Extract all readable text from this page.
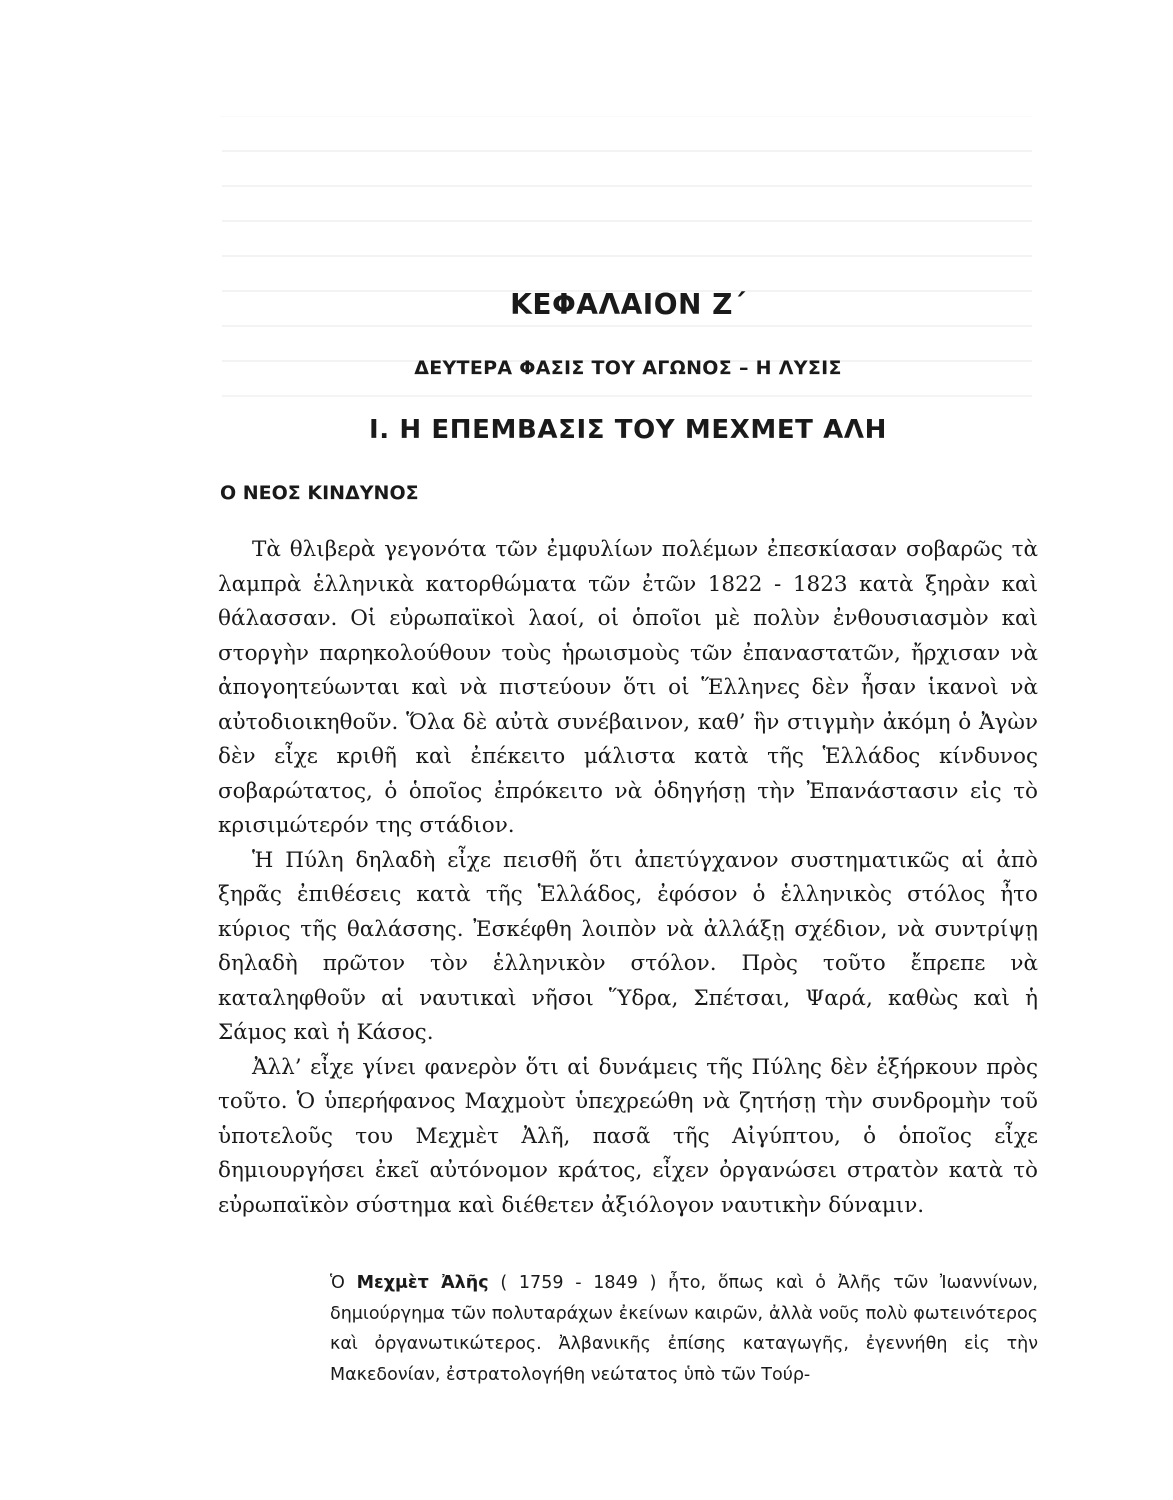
ΚΕΦΑΛΑΙΟΝ Ζ΄
ΔΕΥΤΕΡΑ ΦΑΣΙΣ ΤΟΥ ΑΓΩΝΟΣ – Η ΛΥΣΙΣ
Ι. Η ΕΠΕΜΒΑΣΙΣ ΤΟΥ ΜΕΧΜΕΤ ΑΛΗ
Ο ΝΕΟΣ ΚΙΝΔΥΝΟΣ

Τὰ θλιβερὰ γεγονότα τῶν ἐμφυλίων πολέμων ἐπεσκίασαν σοβαρῶς τὰ λαμπρὰ ἑλληνικὰ κατορθώματα τῶν ἐτῶν 1822 - 1823 κατὰ ξηρὰν καὶ θάλασσαν. Οἱ εὐρωπαϊκοὶ λαοί, οἱ ὁποῖοι μὲ πολὺν ἐνθουσιασμὸν καὶ στοργὴν παρηκολούθουν τοὺς ἡρωισμοὺς τῶν ἐπαναστατῶν, ἤρχισαν νὰ ἀπογοητεύωνται καὶ νὰ πιστεύουν ὅτι οἱ Ἕλληνες δὲν ἦσαν ἱκανοὶ νὰ αὐτοδιοικηθοῦν. Ὅλα δὲ αὐτὰ συνέβαινον, καθ’ ἣν στιγμὴν ἀκόμη ὁ Ἀγὼν δὲν εἶχε κριθῆ καὶ ἐπέκειτο μάλιστα κατὰ τῆς Ἑλλάδος κίνδυνος σοβαρώτατος, ὁ ὁποῖος ἐπρόκειτο νὰ ὁδηγήσῃ τὴν Ἐπανάστασιν εἰς τὸ κρισιμώτερόν της στάδιον.

Ἡ Πύλη δηλαδὴ εἶχε πεισθῆ ὅτι ἀπετύγχανον συστηματικῶς αἱ ἀπὸ ξηρᾶς ἐπιθέσεις κατὰ τῆς Ἑλλάδος, ἐφόσον ὁ ἑλληνικὸς στόλος ἦτο κύριος τῆς θαλάσσης. Ἐσκέφθη λοιπὸν νὰ ἀλλάξῃ σχέδιον, νὰ συντρίψῃ δηλαδὴ πρῶτον τὸν ἑλληνικὸν στόλον. Πρὸς τοῦτο ἔπρεπε νὰ καταληφθοῦν αἱ ναυτικαὶ νῆσοι Ὕδρα, Σπέτσαι, Ψαρά, καθὼς καὶ ἡ Σάμος καὶ ἡ Κάσος.

Ἀλλ’ εἶχε γίνει φανερὸν ὅτι αἱ δυνάμεις τῆς Πύλης δὲν ἐξήρκουν πρὸς τοῦτο. Ὁ ὑπερήφανος Μαχμοὺτ ὑπεχρεώθη νὰ ζητήσῃ τὴν συνδρομὴν τοῦ ὑποτελοῦς του Μεχμὲτ Ἀλῆ, πασᾶ τῆς Αἰγύπτου, ὁ ὁποῖος εἶχε δημιουργήσει ἐκεῖ αὐτόνομον κράτος, εἶχεν ὀργανώσει στρατὸν κατὰ τὸ εὐρωπαϊκὸν σύστημα καὶ διέθετεν ἀξιόλογον ναυτικὴν δύναμιν.

Ὁ Μεχμὲτ Ἀλῆς ( 1759 - 1849 ) ἦτο, ὅπως καὶ ὁ Ἀλῆς τῶν Ἰωαννίνων, δημιούργημα τῶν πολυταράχων ἐκείνων καιρῶν, ἀλλὰ νοῦς πολὺ φωτεινότερος καὶ ὀργανωτικώτερος. Ἀλβανικῆς ἐπίσης καταγωγῆς, ἐγεννήθη εἰς τὴν Μακεδονίαν, ἐστρατολογήθη νεώτατος ὑπὸ τῶν Τούρ-
